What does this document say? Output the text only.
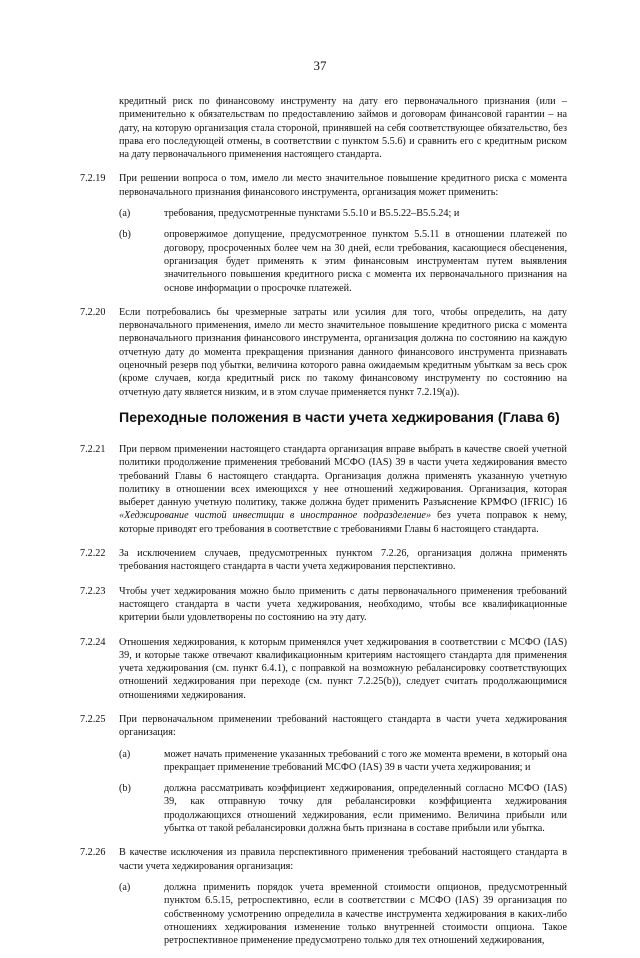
37

кредитный риск по финансовому инструменту на дату его первоначального признания (или – применительно к обязательствам по предоставлению займов и договорам финансовой гарантии – на дату, на которую организация стала стороной, принявшей на себя соответствующее обязательство, без права его последующей отмены, в соответствии с пунктом 5.5.6) и сравнить его с кредитным риском на дату первоначального применения настоящего стандарта.

7.2.19	При решении вопроса о том, имело ли место значительное повышение кредитного риска с момента первоначального признания финансового инструмента, организация может применить:

(а)	требования, предусмотренные пунктами 5.5.10 и B5.5.22–B5.5.24; и

(b)	опровержимое допущение, предусмотренное пунктом 5.5.11 в отношении платежей по договору, просроченных более чем на 30 дней, если требования, касающиеся обесценения, организация будет применять к этим финансовым инструментам путем выявления значительного повышения кредитного риска с момента их первоначального признания на основе информации о просрочке платежей.

7.2.20	Если потребовались бы чрезмерные затраты или усилия для того, чтобы определить, на дату первоначального применения, имело ли место значительное повышение кредитного риска с момента первоначального признания финансового инструмента, организация должна по состоянию на каждую отчетную дату до момента прекращения признания данного финансового инструмента признавать оценочный резерв под убытки, величина которого равна ожидаемым кредитным убыткам за весь срок (кроме случаев, когда кредитный риск по такому финансовому инструменту по состоянию на отчетную дату является низким, и в этом случае применяется пункт 7.2.19(а)).

Переходные положения в части учета хеджирования (Глава 6)
7.2.21	При первом применении настоящего стандарта организация вправе выбрать в качестве своей учетной политики продолжение применения требований МСФО (IAS) 39 в части учета хеджирования вместо требований Главы 6 настоящего стандарта. Организация должна применять указанную учетную политику в отношении всех имеющихся у нее отношений хеджирования. Организация, которая выберет данную учетную политику, также должна будет применить Разъяснение КРМФО (IFRIC) 16 «Хеджирование чистой инвестиции в иностранное подразделение» без учета поправок к нему, которые приводят его требования в соответствие с требованиями Главы 6 настоящего стандарта.

7.2.22	За исключением случаев, предусмотренных пунктом 7.2.26, организация должна применять требования настоящего стандарта в части учета хеджирования перспективно.

7.2.23	Чтобы учет хеджирования можно было применить с даты первоначального применения требований настоящего стандарта в части учета хеджирования, необходимо, чтобы все квалификационные критерии были удовлетворены по состоянию на эту дату.

7.2.24	Отношения хеджирования, к которым применялся учет хеджирования в соответствии с МСФО (IAS) 39, и которые также отвечают квалификационным критериям настоящего стандарта для применения учета хеджирования (см. пункт 6.4.1), с поправкой на возможную ребалансировку соответствующих отношений хеджирования при переходе (см. пункт 7.2.25(b)), следует считать продолжающимися отношениями хеджирования.

7.2.25	При первоначальном применении требований настоящего стандарта в части учета хеджирования организация:

(а)	может начать применение указанных требований с того же момента времени, в который она прекращает применение требований МСФО (IAS) 39 в части учета хеджирования; и

(b)	должна рассматривать коэффициент хеджирования, определенный согласно МСФО (IAS) 39, как отправную точку для ребалансировки коэффициента хеджирования продолжающихся отношений хеджирования, если применимо. Величина прибыли или убытка от такой ребалансировки должна быть признана в составе прибыли или убытка.

7.2.26	В качестве исключения из правила перспективного применения требований настоящего стандарта в части учета хеджирования организация:

(а)	должна применить порядок учета временной стоимости опционов, предусмотренный пунктом 6.5.15, ретроспективно, если в соответствии с МСФО (IAS) 39 организация по собственному усмотрению определила в качестве инструмента хеджирования в каких-либо отношениях хеджирования изменение только внутренней стоимости опциона. Такое ретроспективное применение предусмотрено только для тех отношений хеджирования,
